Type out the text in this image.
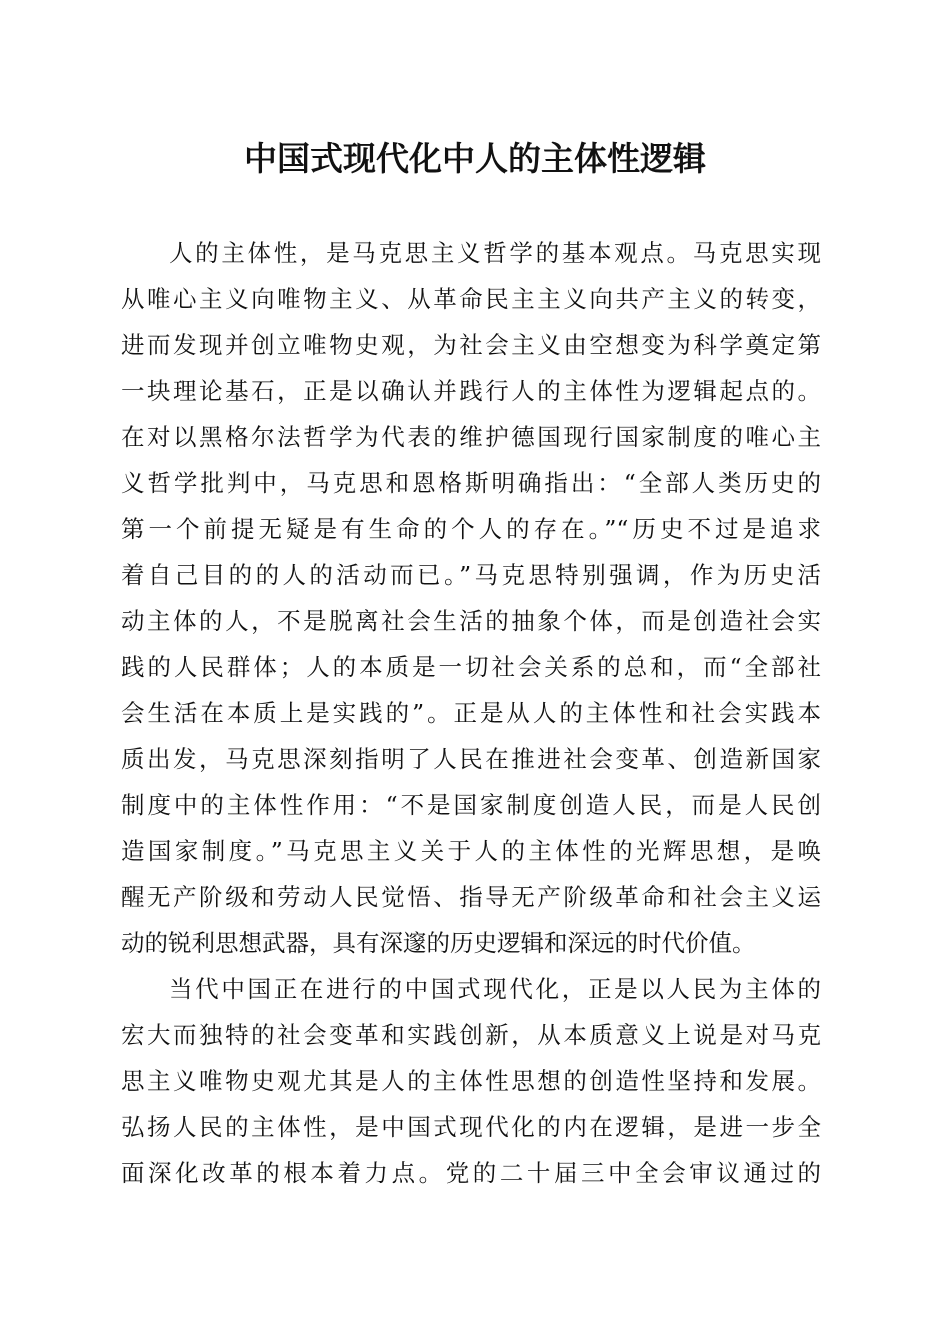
中国式现代化中人的主体性逻辑
人的主体性，是马克思主义哲学的基本观点。马克思实现
从唯心主义向唯物主义、从革命民主主义向共产主义的转变，
进而发现并创立唯物史观，为社会主义由空想变为科学奠定第
一块理论基石，正是以确认并践行人的主体性为逻辑起点的。
在对以黑格尔法哲学为代表的维护德国现行国家制度的唯心主
义哲学批判中，马克思和恩格斯明确指出：“全部人类历史的
第一个前提无疑是有生命的个人的存在。”“历史不过是追求
着自己目的的人的活动而已。”马克思特别强调，作为历史活
动主体的人，不是脱离社会生活的抽象个体，而是创造社会实
践的人民群体；人的本质是一切社会关系的总和，而“全部社
会生活在本质上是实践的”。正是从人的主体性和社会实践本
质出发，马克思深刻指明了人民在推进社会变革、创造新国家
制度中的主体性作用：“不是国家制度创造人民，而是人民创
造国家制度。”马克思主义关于人的主体性的光辉思想，是唤
醒无产阶级和劳动人民觉悟、指导无产阶级革命和社会主义运
动的锐利思想武器，具有深邃的历史逻辑和深远的时代价值。
当代中国正在进行的中国式现代化，正是以人民为主体的
宏大而独特的社会变革和实践创新，从本质意义上说是对马克
思主义唯物史观尤其是人的主体性思想的创造性坚持和发展。
弘扬人民的主体性，是中国式现代化的内在逻辑，是进一步全
面深化改革的根本着力点。党的二十届三中全会审议通过的
